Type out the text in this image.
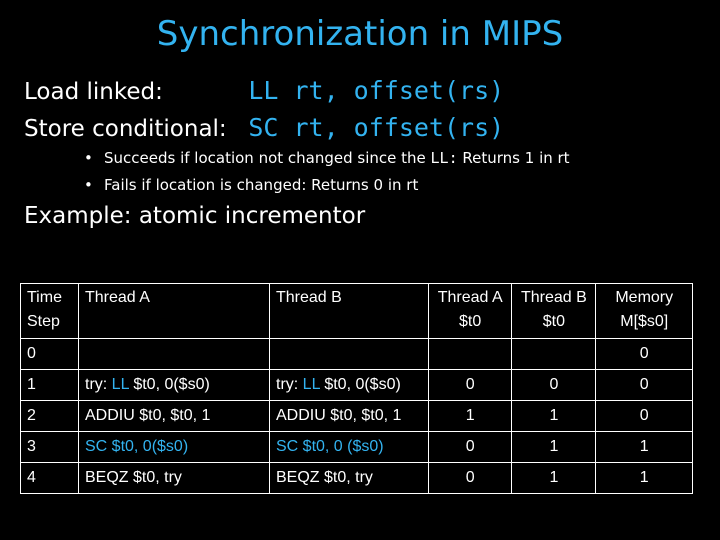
Synchronization in MIPS
Load linked:	LL rt, offset(rs)
Store conditional: SC rt, offset(rs)
• Succeeds if location not changed since the LL: Returns 1 in rt
• Fails if location is changed: Returns 0 in rt
Example: atomic incrementor
Time Step	Thread A	Thread B	Thread A $t0	Thread B $t0	Memory M[$s0]
0					0
1	try: LL $t0, 0($s0)	try: LL $t0, 0($s0)	0	0	0
2	ADDIU $t0, $t0, 1	ADDIU $t0, $t0, 1	1	1	0
3	SC $t0, 0($s0)	SC $t0, 0 ($s0)	0	1	1
4	BEQZ $t0, try	BEQZ $t0, try	0	1	1
